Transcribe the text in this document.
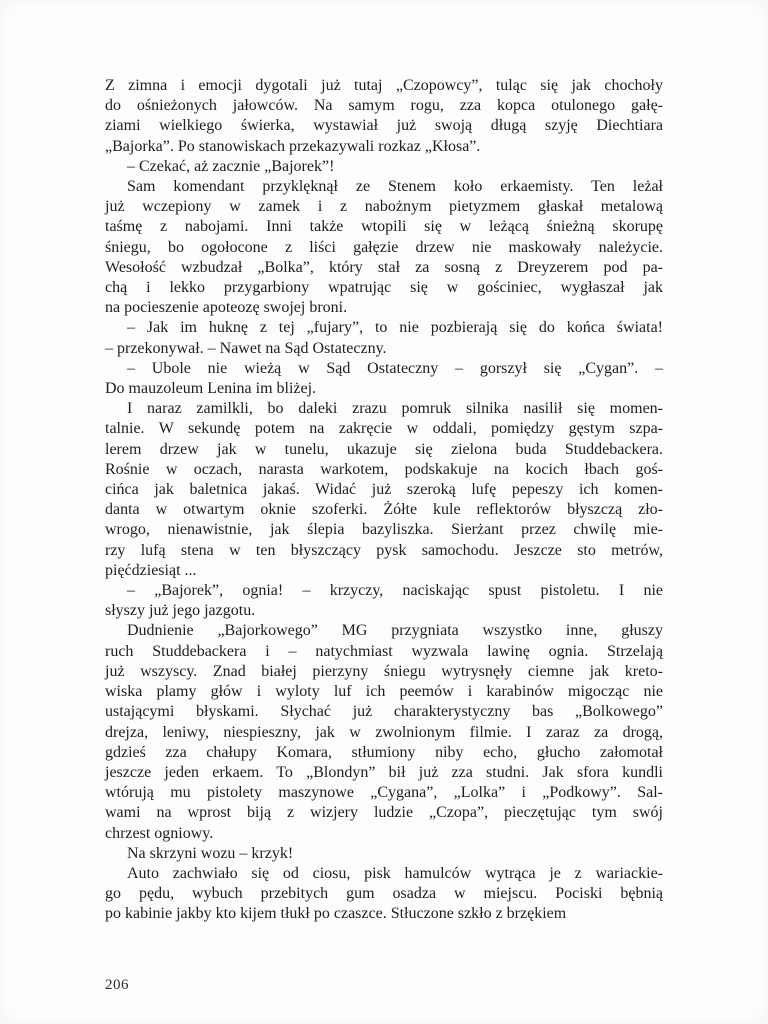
Z zimna i emocji dygotali już tutaj „Czopowcy”, tuląc się jak chochoły
do ośnieżonych jałowców. Na samym rogu, zza kopca otulonego gałę-
ziami wielkiego świerka, wystawiał już swoją długą szyję Diechtiara
„Bajorka”. Po stanowiskach przekazywali rozkaz „Kłosa”.
– Czekać, aż zacznie „Bajorek”!
Sam komendant przyklęknął ze Stenem koło erkaemisty. Ten leżał
już wczepiony w zamek i z nabożnym pietyzmem głaskał metalową
taśmę z nabojami. Inni także wtopili się w leżącą śnieżną skorupę
śniegu, bo ogołocone z liści gałęzie drzew nie maskowały należycie.
Wesołość wzbudzał „Bolka”, który stał za sosną z Dreyzerem pod pa-
chą i lekko przygarbiony wpatrując się w gościniec, wygłaszał jak
na pocieszenie apoteozę swojej broni.
– Jak im huknę z tej „fujary”, to nie pozbierają się do końca świata!
– przekonywał. – Nawet na Sąd Ostateczny.
– Ubole nie wieżą w Sąd Ostateczny – gorszył się „Cygan”. –
Do mauzoleum Lenina im bliżej.
I naraz zamilkli, bo daleki zrazu pomruk silnika nasilił się momen-
talnie. W sekundę potem na zakręcie w oddali, pomiędzy gęstym szpa-
lerem drzew jak w tunelu, ukazuje się zielona buda Studdebackera.
Rośnie w oczach, narasta warkotem, podskakuje na kocich łbach goś-
cińca jak baletnica jakaś. Widać już szeroką lufę pepeszy ich komen-
danta w otwartym oknie szoferki. Żółte kule reflektorów błyszczą zło-
wrogo, nienawistnie, jak ślepia bazyliszka. Sierżant przez chwilę mie-
rzy lufą stena w ten błyszczący pysk samochodu. Jeszcze sto metrów,
pięćdziesiąt ...
– „Bajorek”, ognia! – krzyczy, naciskając spust pistoletu. I nie
słyszy już jego jazgotu.
Dudnienie „Bajorkowego” MG przygniata wszystko inne, głuszy
ruch Studdebackera i – natychmiast wyzwala lawinę ognia. Strzelają
już wszyscy. Znad białej pierzyny śniegu wytrysnęły ciemne jak kreto-
wiska plamy głów i wyloty luf ich peemów i karabinów migocząc nie
ustającymi błyskami. Słychać już charakterystyczny bas „Bolkowego”
drejza, leniwy, niespieszny, jak w zwolnionym filmie. I zaraz za drogą,
gdzieś zza chałupy Komara, stłumiony niby echo, głucho załomotał
jeszcze jeden erkaem. To „Blondyn” bił już zza studni. Jak sfora kundli
wtórują mu pistolety maszynowe „Cygana”, „Lolka” i „Podkowy”. Sal-
wami na wprost biją z wizjery ludzie „Czopa”, pieczętując tym swój
chrzest ogniowy.
Na skrzyni wozu – krzyk!
Auto zachwiało się od ciosu, pisk hamulców wytrąca je z wariackie-
go pędu, wybuch przebitych gum osadza w miejscu. Pociski bębnią
po kabinie jakby kto kijem tłukł po czaszce. Stłuczone szkło z brzękiem
206
